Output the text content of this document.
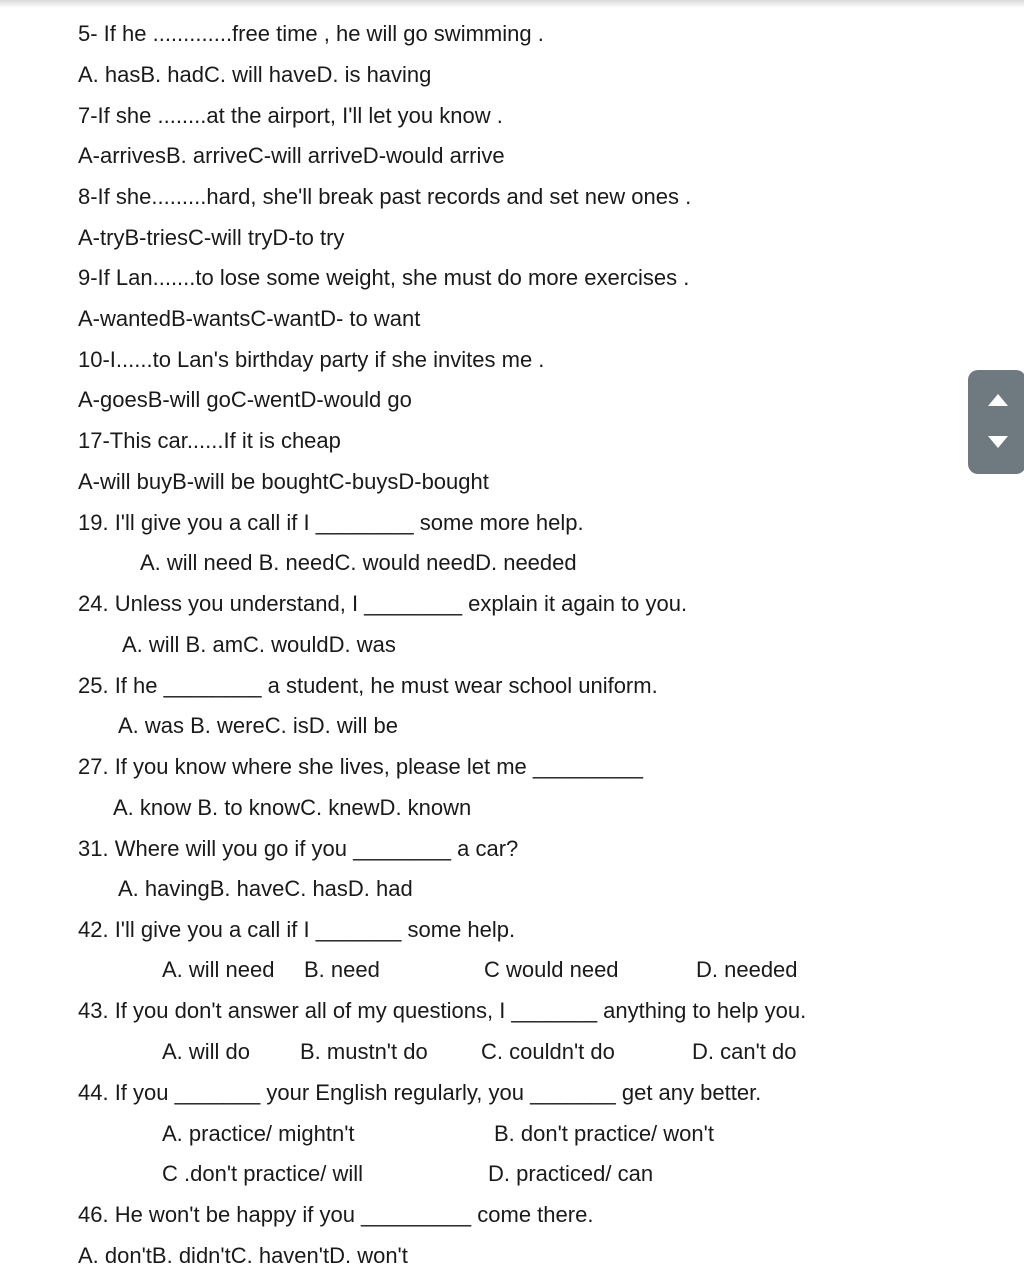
5- If he .............free time , he will go swimming .
A. hasB. hadC. will haveD. is having
7-If she ........at the airport, I'll let you know .
A-arrivesB. arriveC-will arriveD-would arrive
8-If she.........hard, she'll break past records and set new ones .
A-tryB-triesC-will tryD-to try
9-If Lan.......to lose some weight, she must do more exercises .
A-wantedB-wantsC-wantD- to want
10-I......to Lan's birthday party if she invites me .
A-goesB-will goC-wentD-would go
17-This car......If it is cheap
A-will buyB-will be boughtC-buysD-bought
19. I'll give you a call if I ________ some more help.
A. will need B. needC. would needD. needed
24. Unless you understand, I ________ explain it again to you.
A. will B. amC. wouldD. was
25. If he ________ a student, he must wear school uniform.
A. was B. wereC. isD. will be
27. If you know where she lives, please let me _________
A. know B. to knowC. knewD. known
31. Where will you go if you ________ a car?
A. havingB. haveC. hasD. had
42. I'll give you a call if I _______ some help.
A. will need B. need	C would need	D. needed
43. If you don't answer all of my questions, I _______ anything to help you.
A. will do B. mustn't do C. couldn't do	D. can't do
44. If you _______ your English regularly, you _______ get any better.
A. practice/ mightn't	B. don't practice/ won't
C .don't practice/ will	D. practiced/ can
46. He won't be happy if you _________ come there.
A. don'tB. didn'tC. haven'tD. won't
